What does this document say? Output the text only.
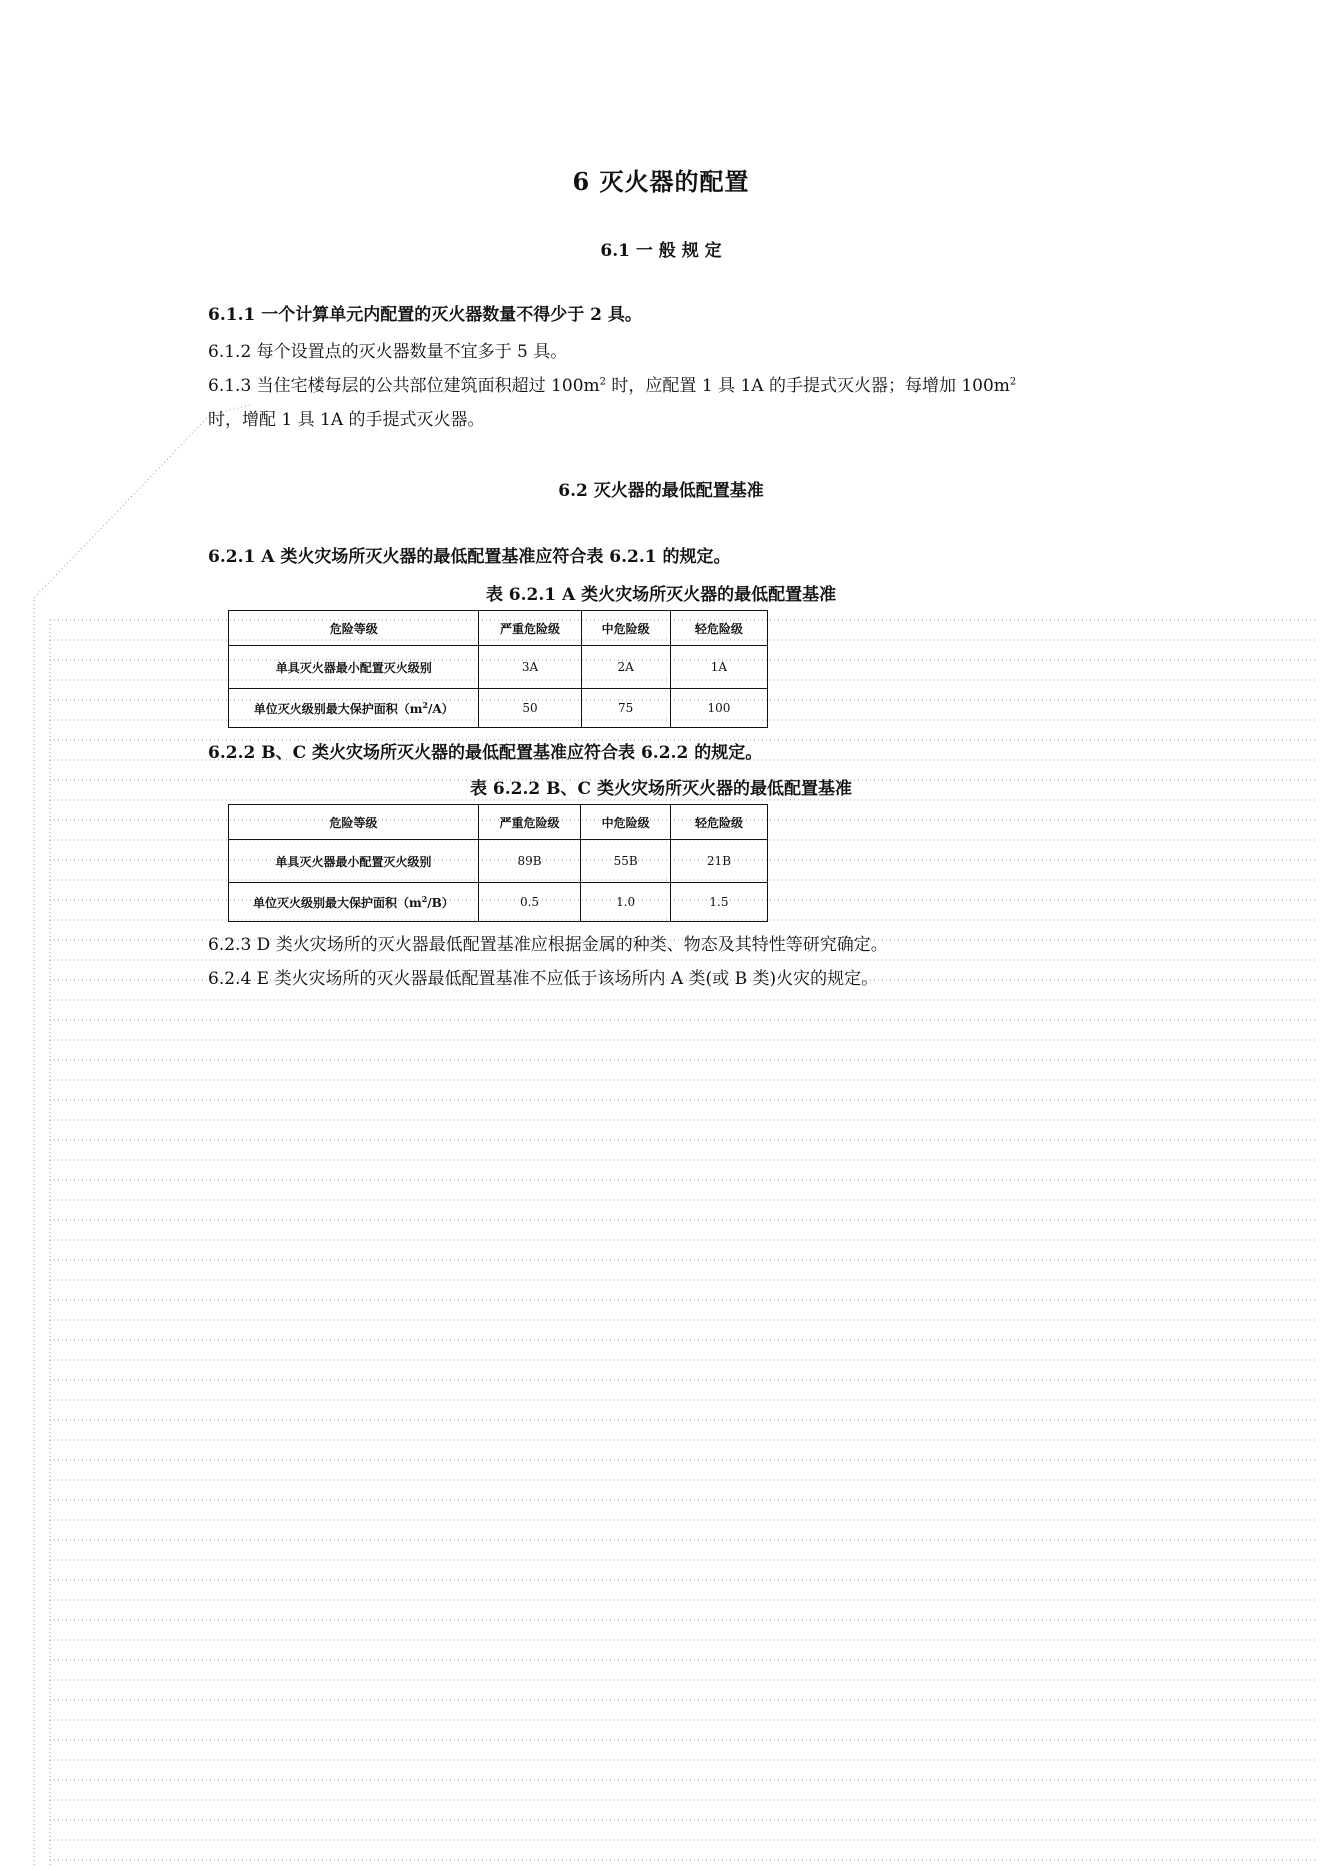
6 灭火器的配置
6.1 一 般 规 定
6.1.1 一个计算单元内配置的灭火器数量不得少于 2 具。
6.1.2 每个设置点的灭火器数量不宜多于 5 具。
6.1.3 当住宅楼每层的公共部位建筑面积超过 $100m^2$ 时，应配置 1 具 1A 的手提式灭火器；每增加 $100m^2$
时，增配 1 具 1A 的手提式灭火器。
6.2 灭火器的最低配置基准
6.2.1 A 类火灾场所灭火器的最低配置基准应符合表 6.2.1 的规定。
表 6.2.1 A 类火灾场所灭火器的最低配置基准
危险等级	严重危险级	中危险级	轻危险级
单具灭火器最小配置灭火级别	3A	2A	1A
单位灭火级别最大保护面积$(m^2/A)$	50	75	100
6.2.2 B、C 类火灾场所灭火器的最低配置基准应符合表 6.2.2 的规定。
表 6.2.2 B、C 类火灾场所灭火器的最低配置基准
危险等级	严重危险级	中危险级	轻危险级
单具灭火器最小配置灭火级别	89B	55B	21B
单位灭火级别最大保护面积$(m^2/B)$	0.5	1.0	1.5
6.2.3 D 类火灾场所的灭火器最低配置基准应根据金属的种类、物态及其特性等研究确定。
6.2.4 E 类火灾场所的灭火器最低配置基准不应低于该场所内 A 类(或 B 类)火灾的规定。
